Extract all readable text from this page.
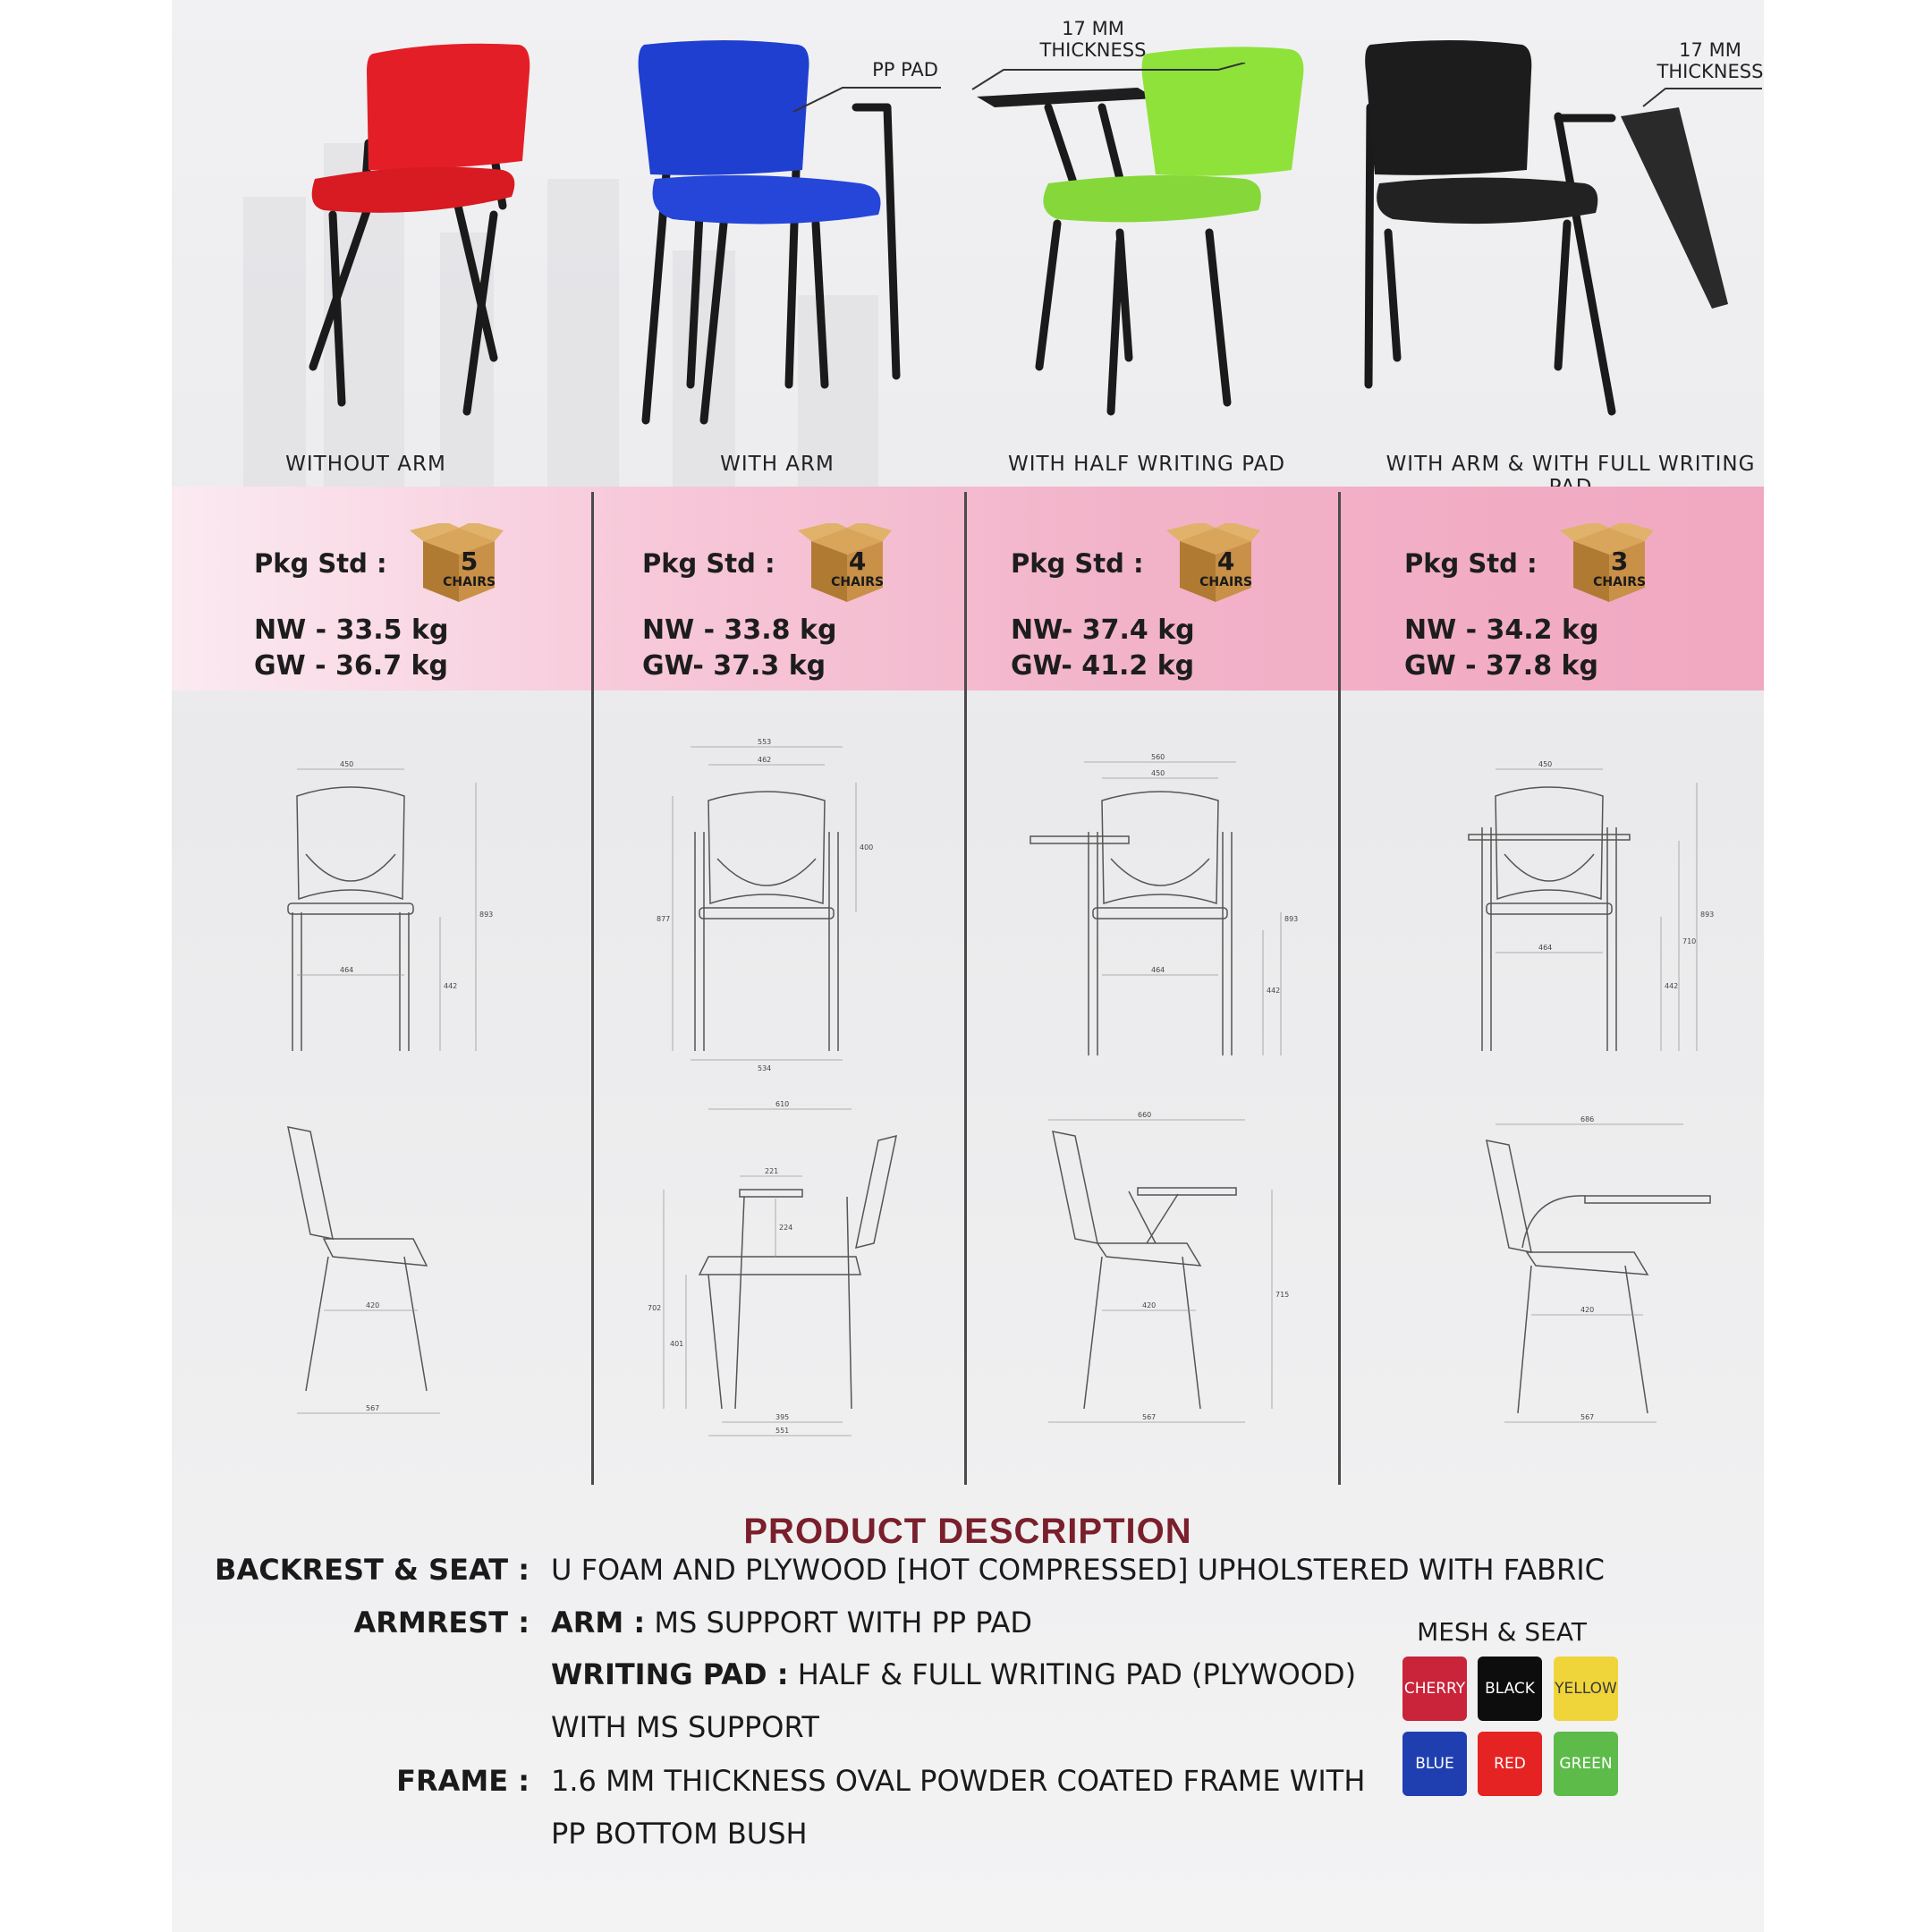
PP PAD
17 MM
THICKNESS	17 MM
THICKNESS
WITHOUT ARM	WITH ARM	WITH HALF WRITING PAD	WITH ARM & WITH FULL WRITING
Pkg Std :	5
CHAIRS
NW - 33.5 kg
GW - 36.7 kg
Pkg Std :	4
CHAIRS
NW - 33.8 kg
GW- 37.3 kg
Pkg Std :	4
CHAIRS
NW- 37.4 kg
GW- 41.2 kg
Pkg Std :	3
CHAIRS
NW - 34.2 kg
GW - 37.8 kg
450
464
893
442
553
462
400
877
534
560
450
464
893
442
450
464
710
893
442
420
567
610
221
224
702
401
395
551
660
420
715
567
686
420
567
PRODUCT DESCRIPTION
BACKREST & SEAT : U FOAM AND PLYWOOD [HOT COMPRESSED] UPHOLSTERED WITH FABRIC
ARMREST : ARM : MS SUPPORT WITH PP PAD
WRITING PAD : HALF & FULL WRITING PAD (PLYWOOD)
WITH MS SUPPORT
FRAME : 1.6 MM THICKNESS OVAL POWDER COATED FRAME WITH
PP BOTTOM BUSH
MESH & SEAT
CHERRY	BLACK	YELLOW
BLUE	RED	GREEN
